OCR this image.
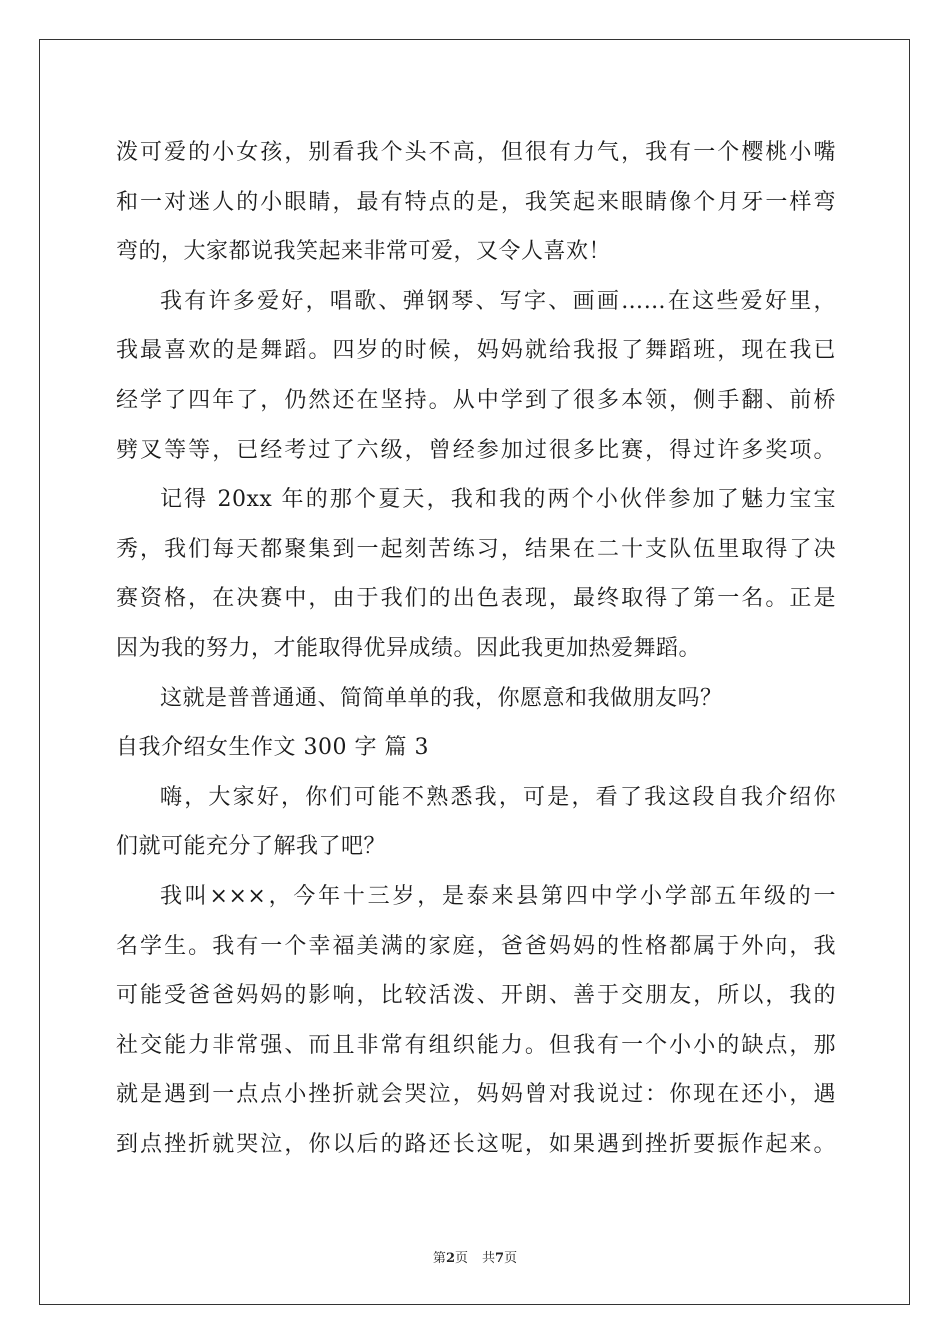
泼可爱的小女孩，别看我个头不高，但很有力气，我有一个樱桃小嘴
和一对迷人的小眼睛，最有特点的是，我笑起来眼睛像个月牙一样弯
弯的，大家都说我笑起来非常可爱，又令人喜欢！
我有许多爱好，唱歌、弹钢琴、写字、画画……在这些爱好里，
我最喜欢的是舞蹈。四岁的时候，妈妈就给我报了舞蹈班，现在我已
经学了四年了，仍然还在坚持。从中学到了很多本领，侧手翻、前桥
劈叉等等，已经考过了六级，曾经参加过很多比赛，得过许多奖项。
记得 20xx 年的那个夏天，我和我的两个小伙伴参加了魅力宝宝
秀，我们每天都聚集到一起刻苦练习，结果在二十支队伍里取得了决
赛资格，在决赛中，由于我们的出色表现，最终取得了第一名。正是
因为我的努力，才能取得优异成绩。因此我更加热爱舞蹈。
这就是普普通通、简简单单的我，你愿意和我做朋友吗？
自我介绍女生作文 300 字 篇 3
嗨，大家好，你们可能不熟悉我，可是，看了我这段自我介绍你
们就可能充分了解我了吧？
我叫×××，今年十三岁，是泰来县第四中学小学部五年级的一
名学生。我有一个幸福美满的家庭，爸爸妈妈的性格都属于外向，我
可能受爸爸妈妈的影响，比较活泼、开朗、善于交朋友，所以，我的
社交能力非常强、而且非常有组织能力。但我有一个小小的缺点，那
就是遇到一点点小挫折就会哭泣，妈妈曾对我说过：你现在还小，遇
到点挫折就哭泣，你以后的路还长这呢，如果遇到挫折要振作起来。
第2页 共7页
